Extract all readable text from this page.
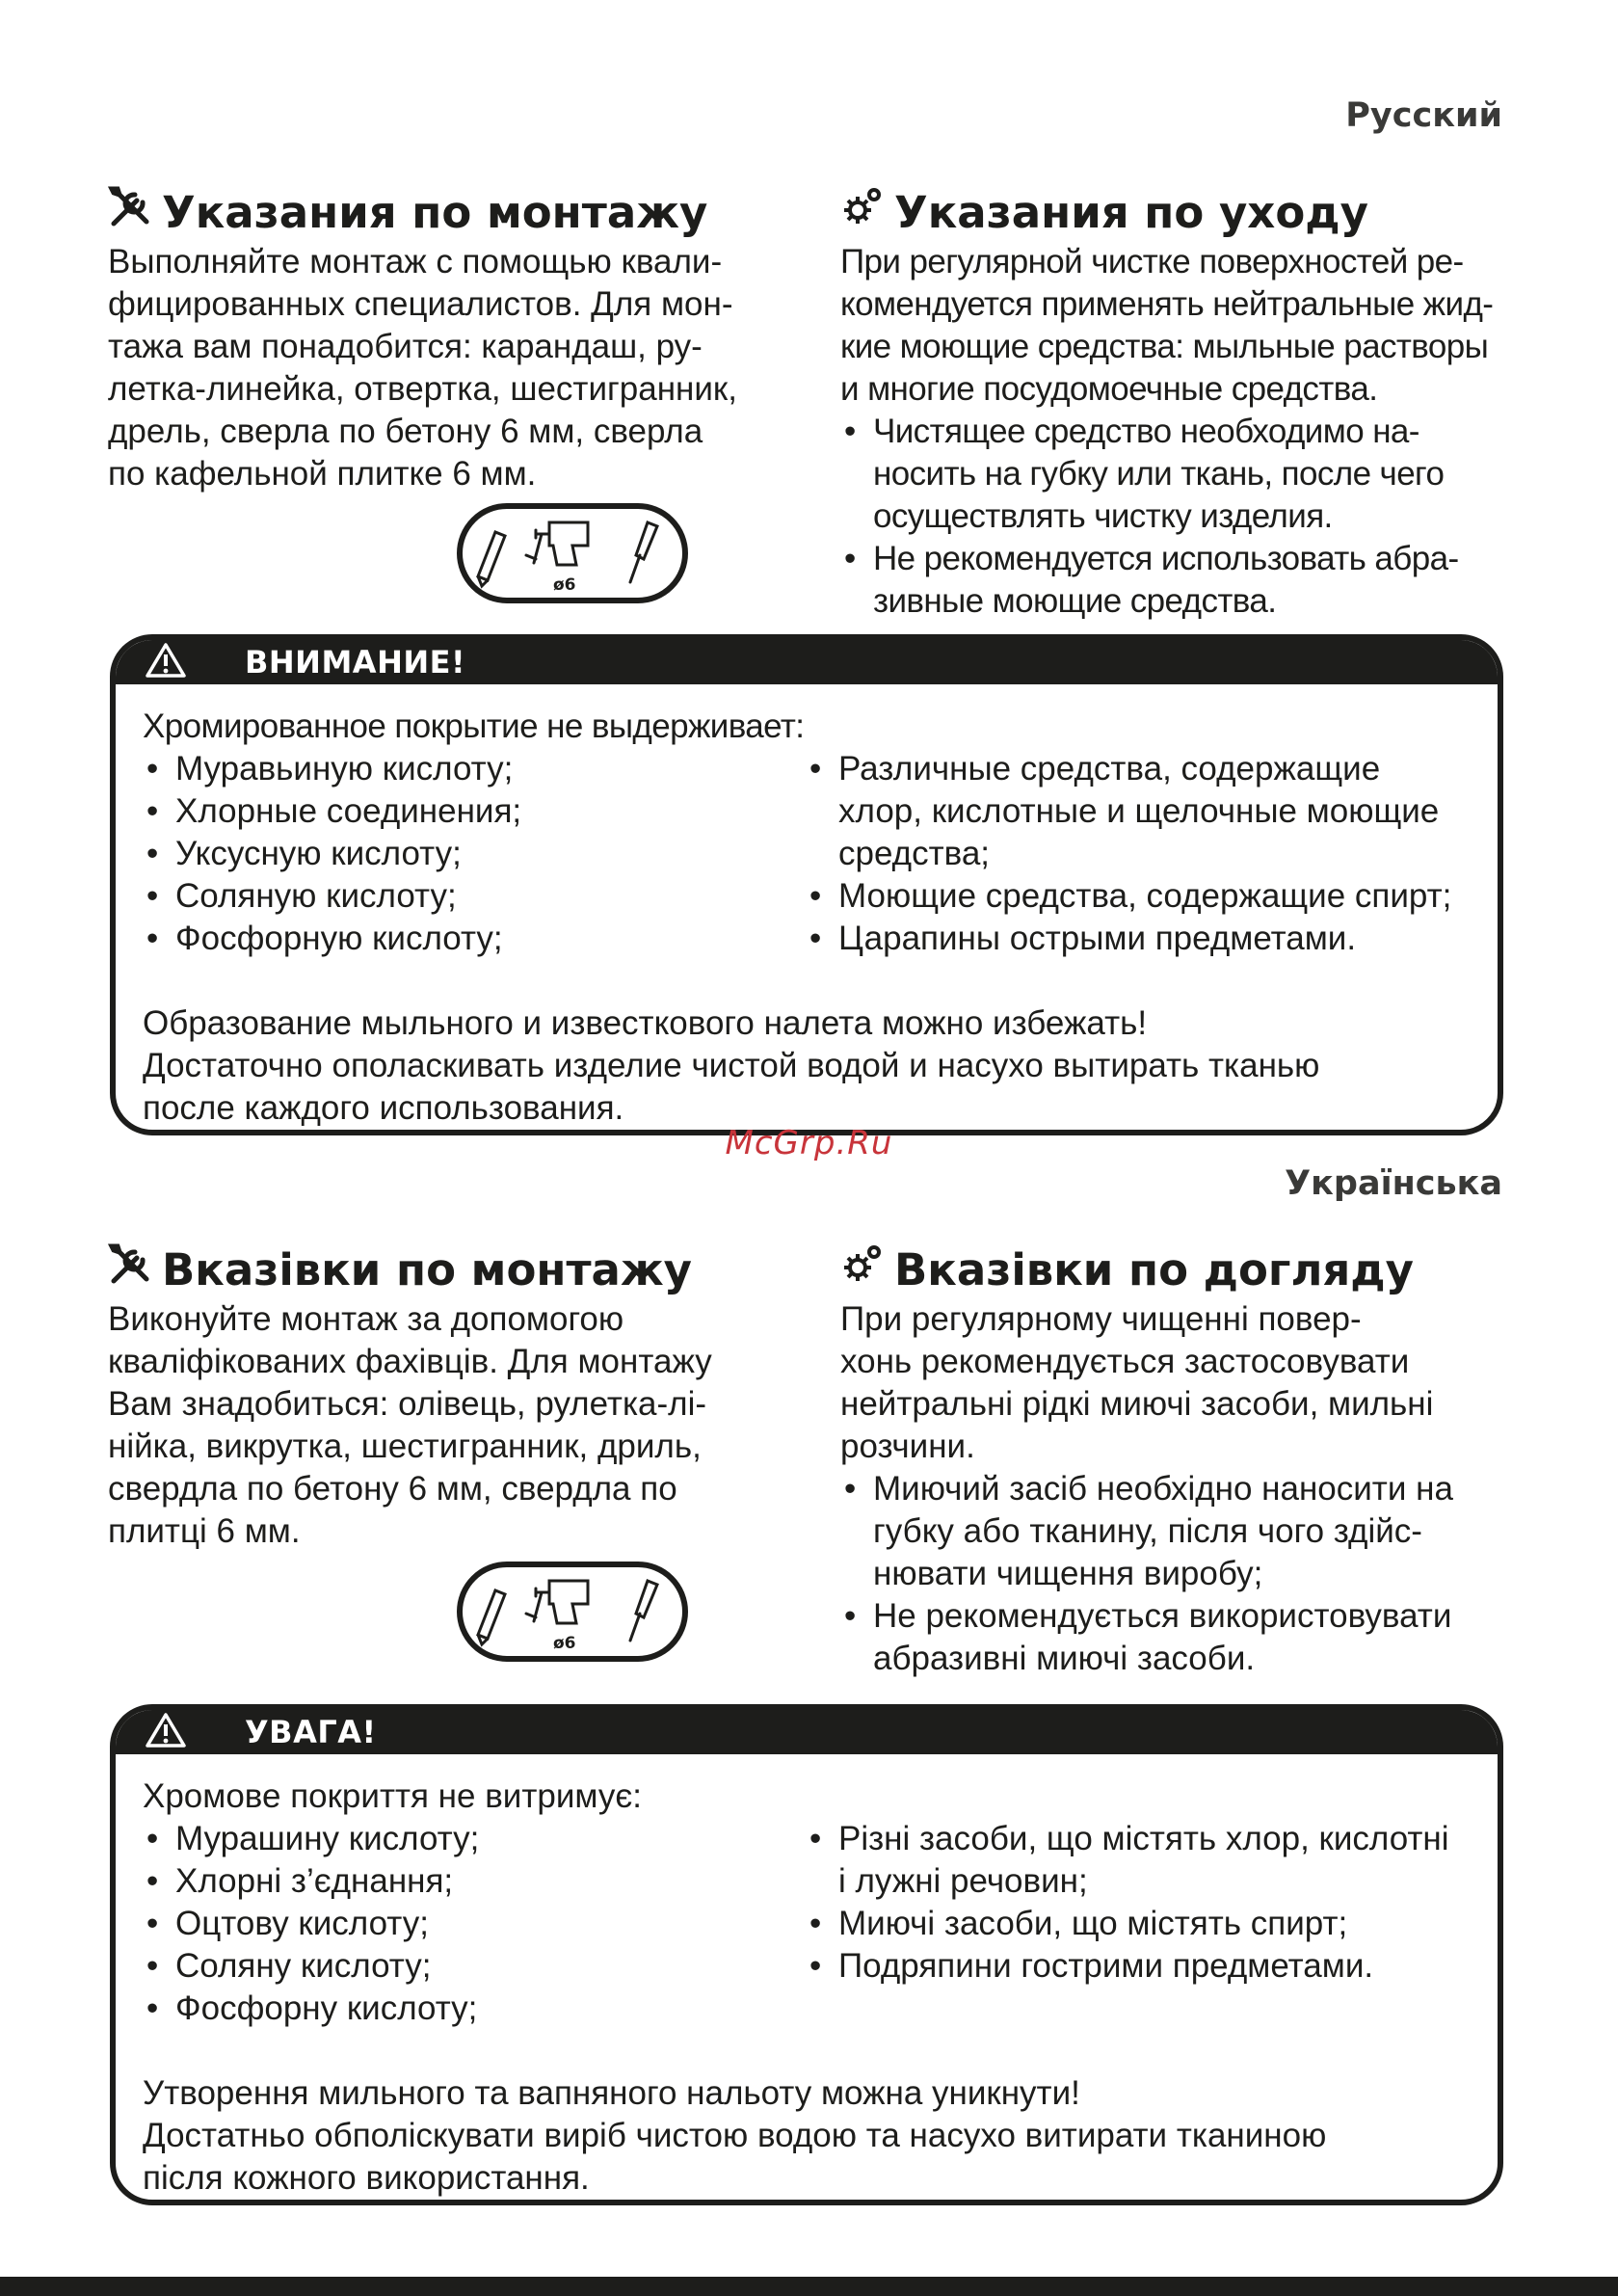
Русский
Указания по монтажу

Выполняйте монтаж с помощью квали-
фицированных специалистов. Для мон-
тажа вам понадобится: карандаш, ру-
летка-линейка, отвертка, шестигранник,
дрель, сверла по бетону 6 мм, сверла
по кафельной плитке 6 мм.

ø6
Указания по уходу

При регулярной чистке поверхностей ре-
комендуется применять нейтральные жид-
кие моющие средства: мыльные растворы
и многие посудомоечные средства.

• Чистящее средство необходимо на-
носить на губку или ткань, после чего
осуществлять чистку изделия.
• Не рекомендуется использовать абра-
зивные моющие средства.
ВНИМАНИЕ!

Хромированное покрытие не выдерживает:

• Муравьиную кислоту;
• Хлорные соединения;
• Уксусную кислоту;
• Соляную кислоту;
• Фосфорную кислоту;
• Различные средства, содержащие
хлор, кислотные и щелочные моющие
средства;
• Моющие средства, содержащие спирт;
• Царапины острыми предметами.

Образование мыльного и известкового налета можно избежать!
Достаточно ополаскивать изделие чистой водой и насухо вытирать тканью
после каждого использования.

McGrp.Ru
Українська
Вказівки по монтажу

Виконуйте монтаж за допомогою
кваліфікованих фахівців. Для монтажу
Вам знадобиться: олівець, рулетка-лі-
нійка, викрутка, шестигранник, дриль,
свердла по бетону 6 мм, свердла по
плитці 6 мм.

ø6
Вказівки по догляду

При регулярному чищенні повер-
хонь рекомендується застосовувати
нейтральні рідкі миючі засоби, мильні
розчини.

• Миючий засіб необхідно наносити на
губку або тканину, після чого здійс-
нювати чищення виробу;
• Не рекомендується використовувати
абразивні миючі засоби.
УВАГА!

Хромове покриття не витримує:

• Мурашину кислоту;
• Хлорні з’єднання;
• Оцтову кислоту;
• Соляну кислоту;
• Фосфорну кислоту;
• Різні засоби, що містять хлор, кислотні
і лужні речовин;
• Миючі засоби, що містять спирт;
• Подряпини гострими предметами.

Утворення мильного та вапняного нальоту можна уникнути!
Достатньо обполіскувати виріб чистою водою та насухо витирати тканиною
після кожного використання.
